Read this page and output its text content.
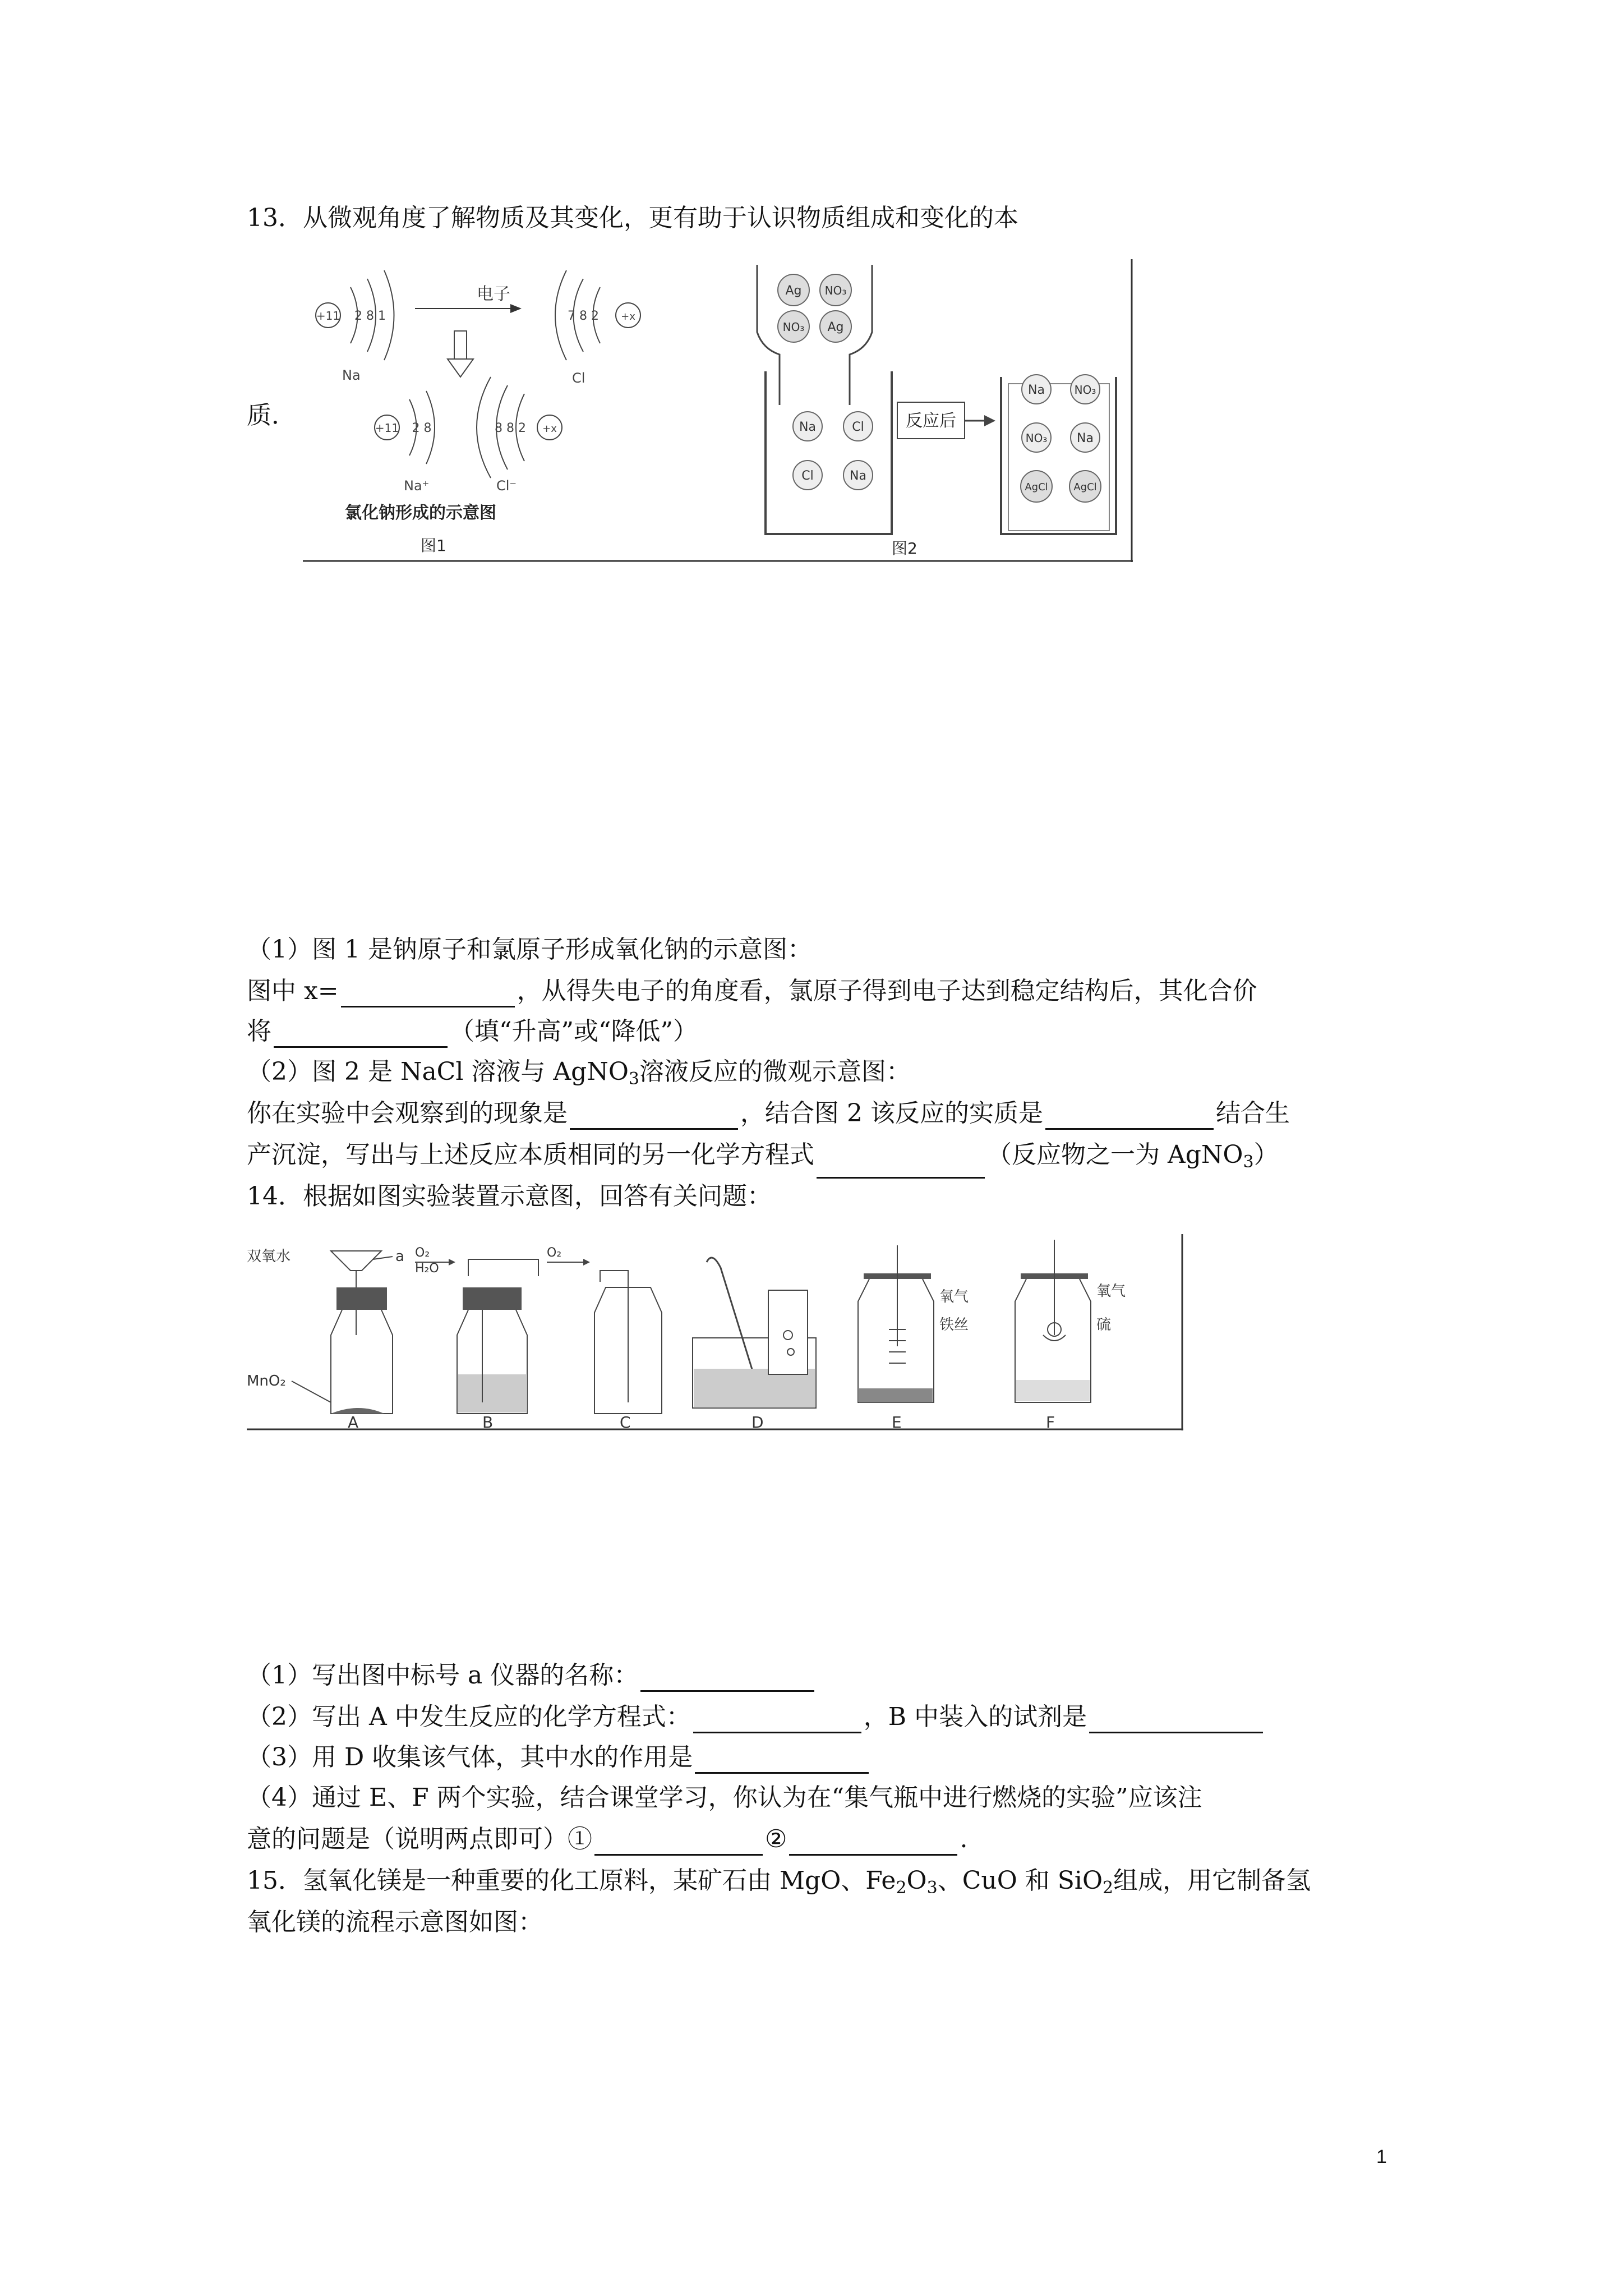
13．从微观角度了解物质及其变化，更有助于认识物质组成和变化的本
质．
+11 2 8 1
Na
电子
7 8 2 +x
Cl
+11 2 8
Na⁺
8 8 2 +x
Cl⁻
氯化钠形成的示意图
图1
Ag NO₃
NO₃ Ag
Na	Cl
Cl	Na
反应后
Na	NO₃
NO₃ Na
AgCl	AgCl
图2
（1）图 1 是钠原子和氯原子形成氧化钠的示意图：
图中 x=	，从得失电子的角度看，氯原子得到电子达到稳定结构后，其化合价
将	（填“升高”或“降低”）
（2）图 2 是 NaCl 溶液与 AgNO$_3$溶液反应的微观示意图：
你在实验中会观察到的现象是	，结合图 2 该反应的实质是	结合生
产沉淀，写出与上述反应本质相同的另一化学方程式	（反应物之一为 AgNO$_3$）
14．根据如图实验装置示意图，回答有关问题：
双氧水	a
MnO₂
A
O₂
H₂O
B
O₂
C	D
氧气
铁丝
E
氧气
硫
F
（1）写出图中标号 a 仪器的名称：
（2）写出 A 中发生反应的化学方程式：	，B 中装入的试剂是
（3）用 D 收集该气体，其中水的作用是
（4）通过 E、F 两个实验，结合课堂学习，你认为在“集气瓶中进行燃烧的实验”应该注
意的问题是（说明两点即可）①	②	.
15．氢氧化镁是一种重要的化工原料，某矿石由 MgO、$Fe_2O_3$、CuO 和 SiO$_2$组成，用它制备氢
氧化镁的流程示意图如图：
1
